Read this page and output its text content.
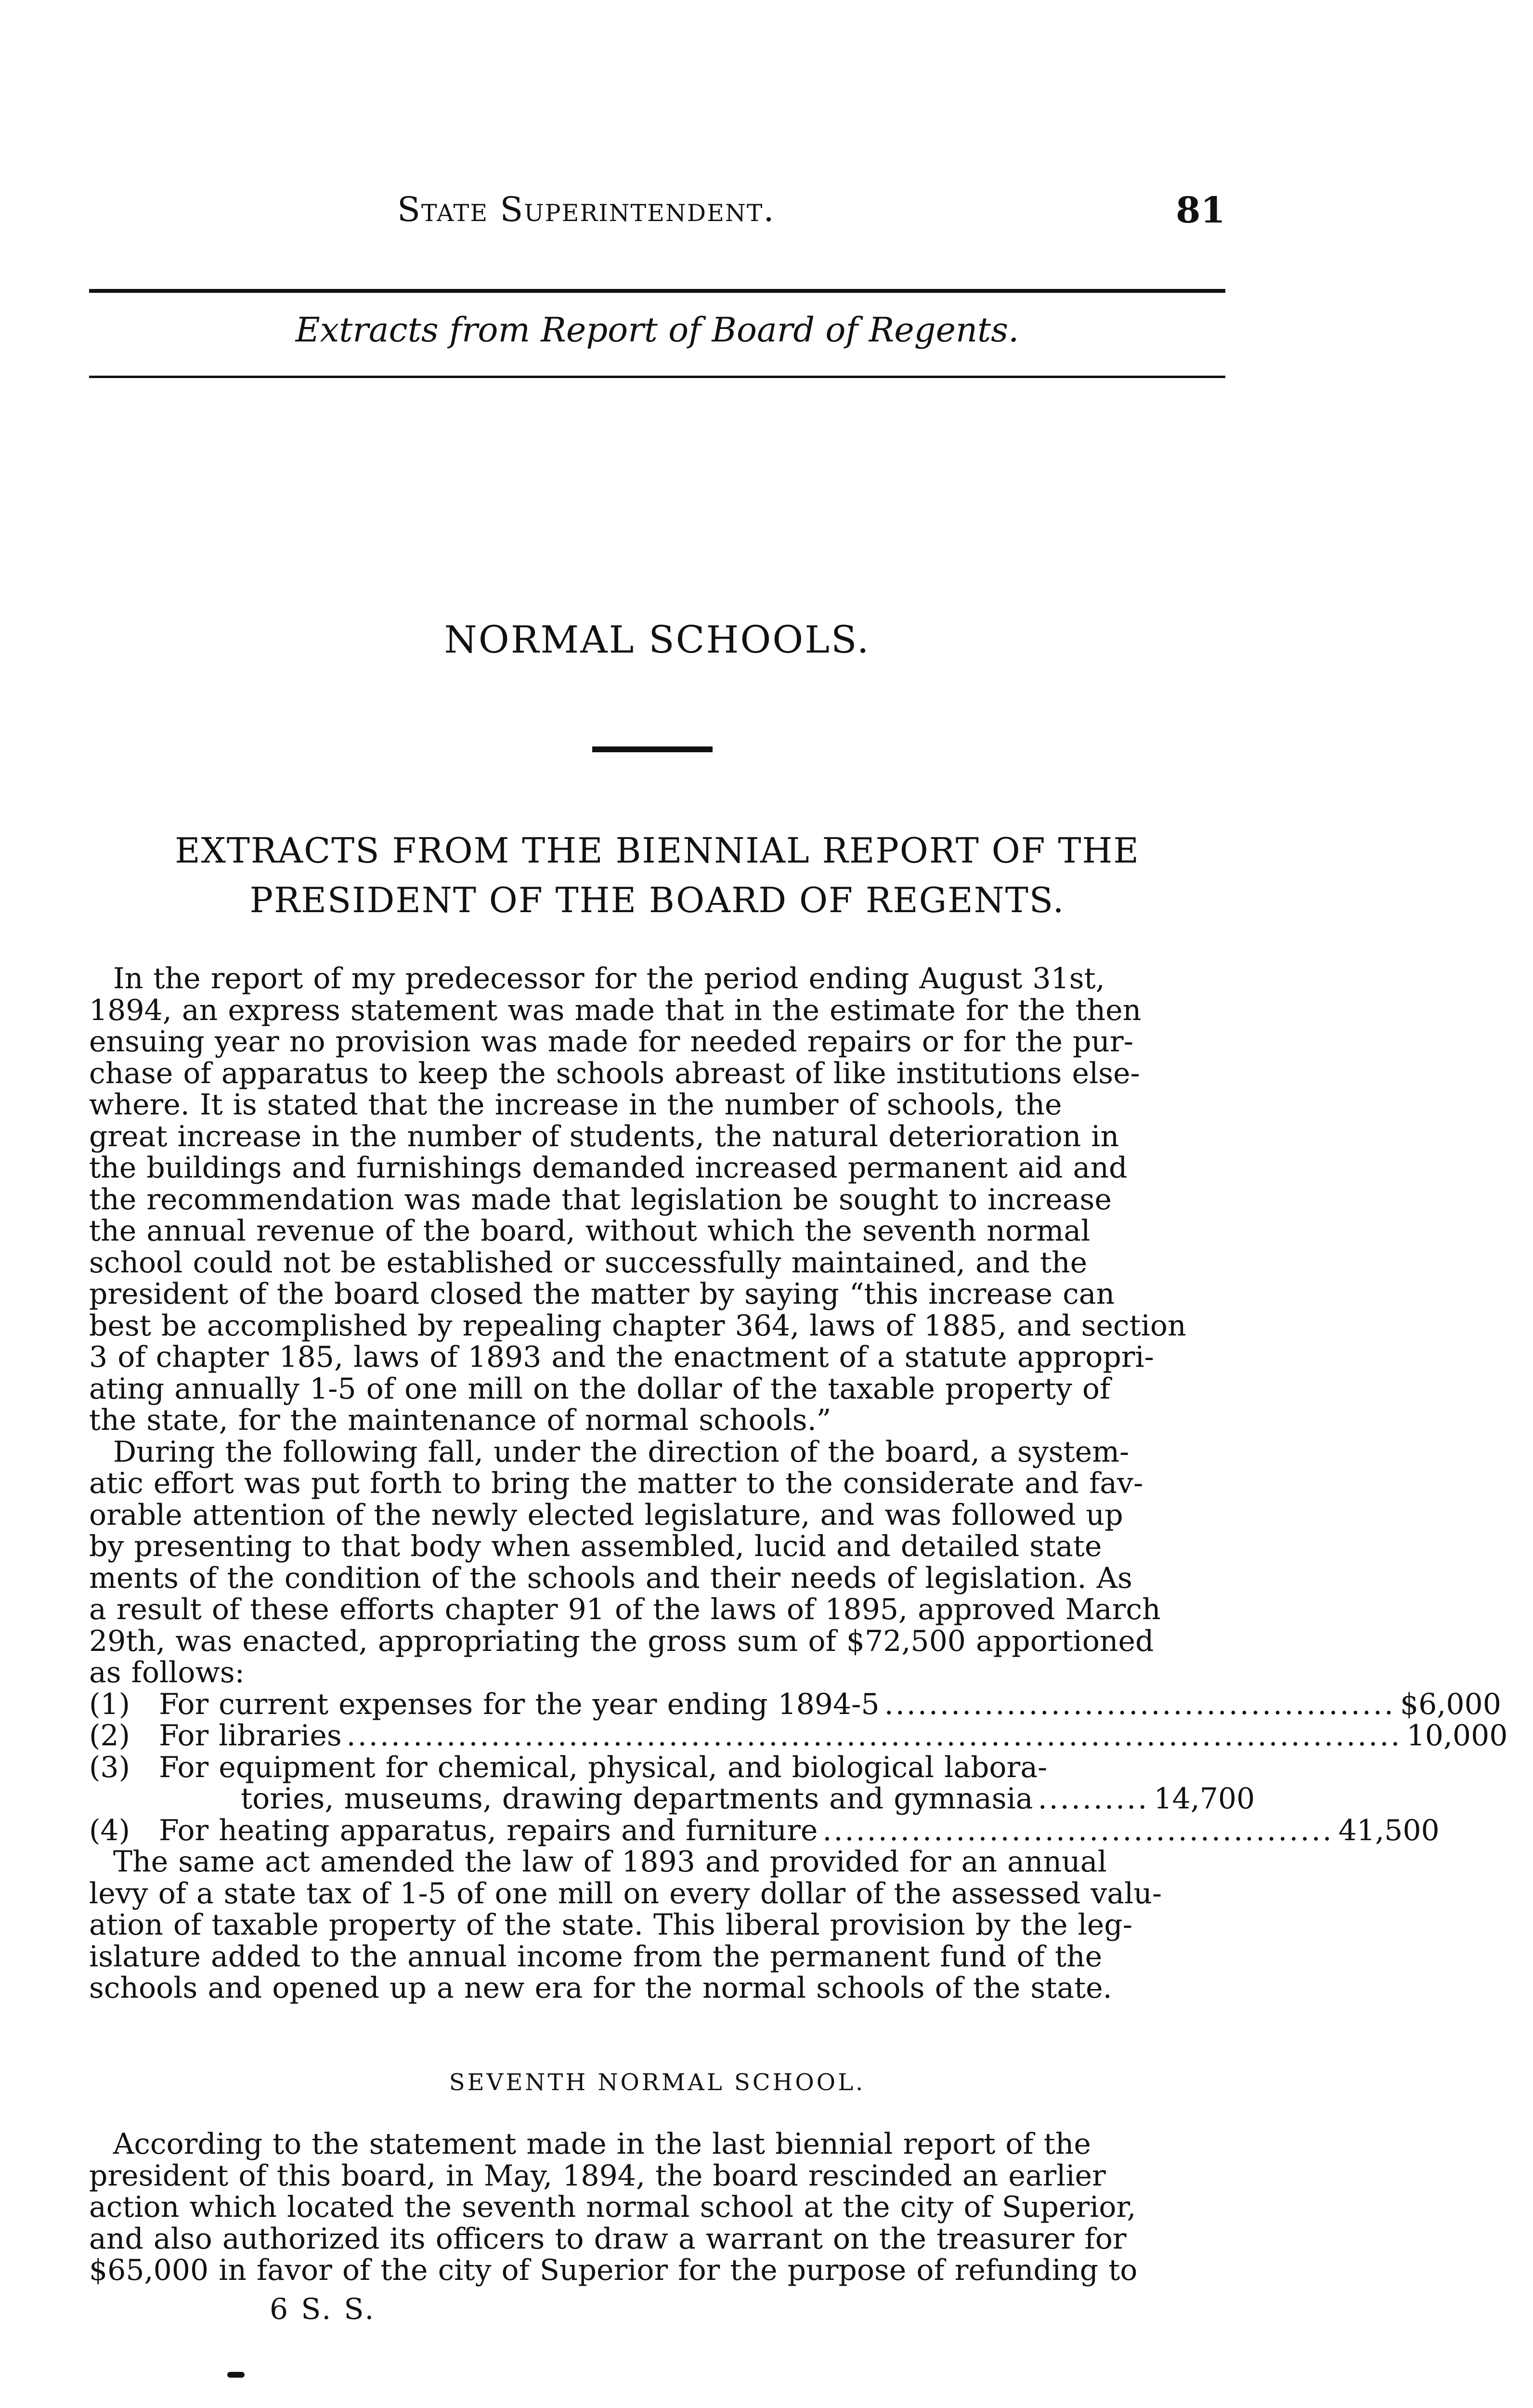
State Superintendent.	81
Extracts from Report of Board of Regents.
NORMAL SCHOOLS.
EXTRACTS FROM THE BIENNIAL REPORT OF THE
PRESIDENT OF THE BOARD OF REGENTS.
In the report of my predecessor for the period ending August 31st,
1894, an express statement was made that in the estimate for the then
ensuing year no provision was made for needed repairs or for the pur-
chase of apparatus to keep the schools abreast of like institutions else-
where. It is stated that the increase in the number of schools, the
great increase in the number of students, the natural deterioration in
the buildings and furnishings demanded increased permanent aid and
the recommendation was made that legislation be sought to increase
the annual revenue of the board, without which the seventh normal
school could not be established or successfully maintained, and the
president of the board closed the matter by saying “this increase can
best be accomplished by repealing chapter 364, laws of 1885, and section
3 of chapter 185, laws of 1893 and the enactment of a statute appropri-
ating annually 1-5 of one mill on the dollar of the taxable property of
the state, for the maintenance of normal schools.”
During the following fall, under the direction of the board, a system-
atic effort was put forth to bring the matter to the considerate and fav-
orable attention of the newly elected legislature, and was followed up
by presenting to that body when assembled, lucid and detailed state
ments of the condition of the schools and their needs of legislation. As
a result of these efforts chapter 91 of the laws of 1895, approved March
29th, was enacted, appropriating the gross sum of $72,500 apportioned
as follows:
(1)	For current expenses for the year ending 1894-5 .............................................. $6,000
(2)	For libraries ............................................................................................... 10,000
(3)	For equipment for chemical, physical, and biological labora-
tories, museums, drawing departments and gymnasia .......... 14,700
(4)	For heating apparatus, repairs and furniture .............................................. 41,500
The same act amended the law of 1893 and provided for an annual
levy of a state tax of 1-5 of one mill on every dollar of the assessed valu-
ation of taxable property of the state. This liberal provision by the leg-
islature added to the annual income from the permanent fund of the
schools and opened up a new era for the normal schools of the state.
SEVENTH NORMAL SCHOOL.
According to the statement made in the last biennial report of the
president of this board, in May, 1894, the board rescinded an earlier
action which located the seventh normal school at the city of Superior,
and also authorized its officers to draw a warrant on the treasurer for
$65,000 in favor of the city of Superior for the purpose of refunding to
6 S. S.
